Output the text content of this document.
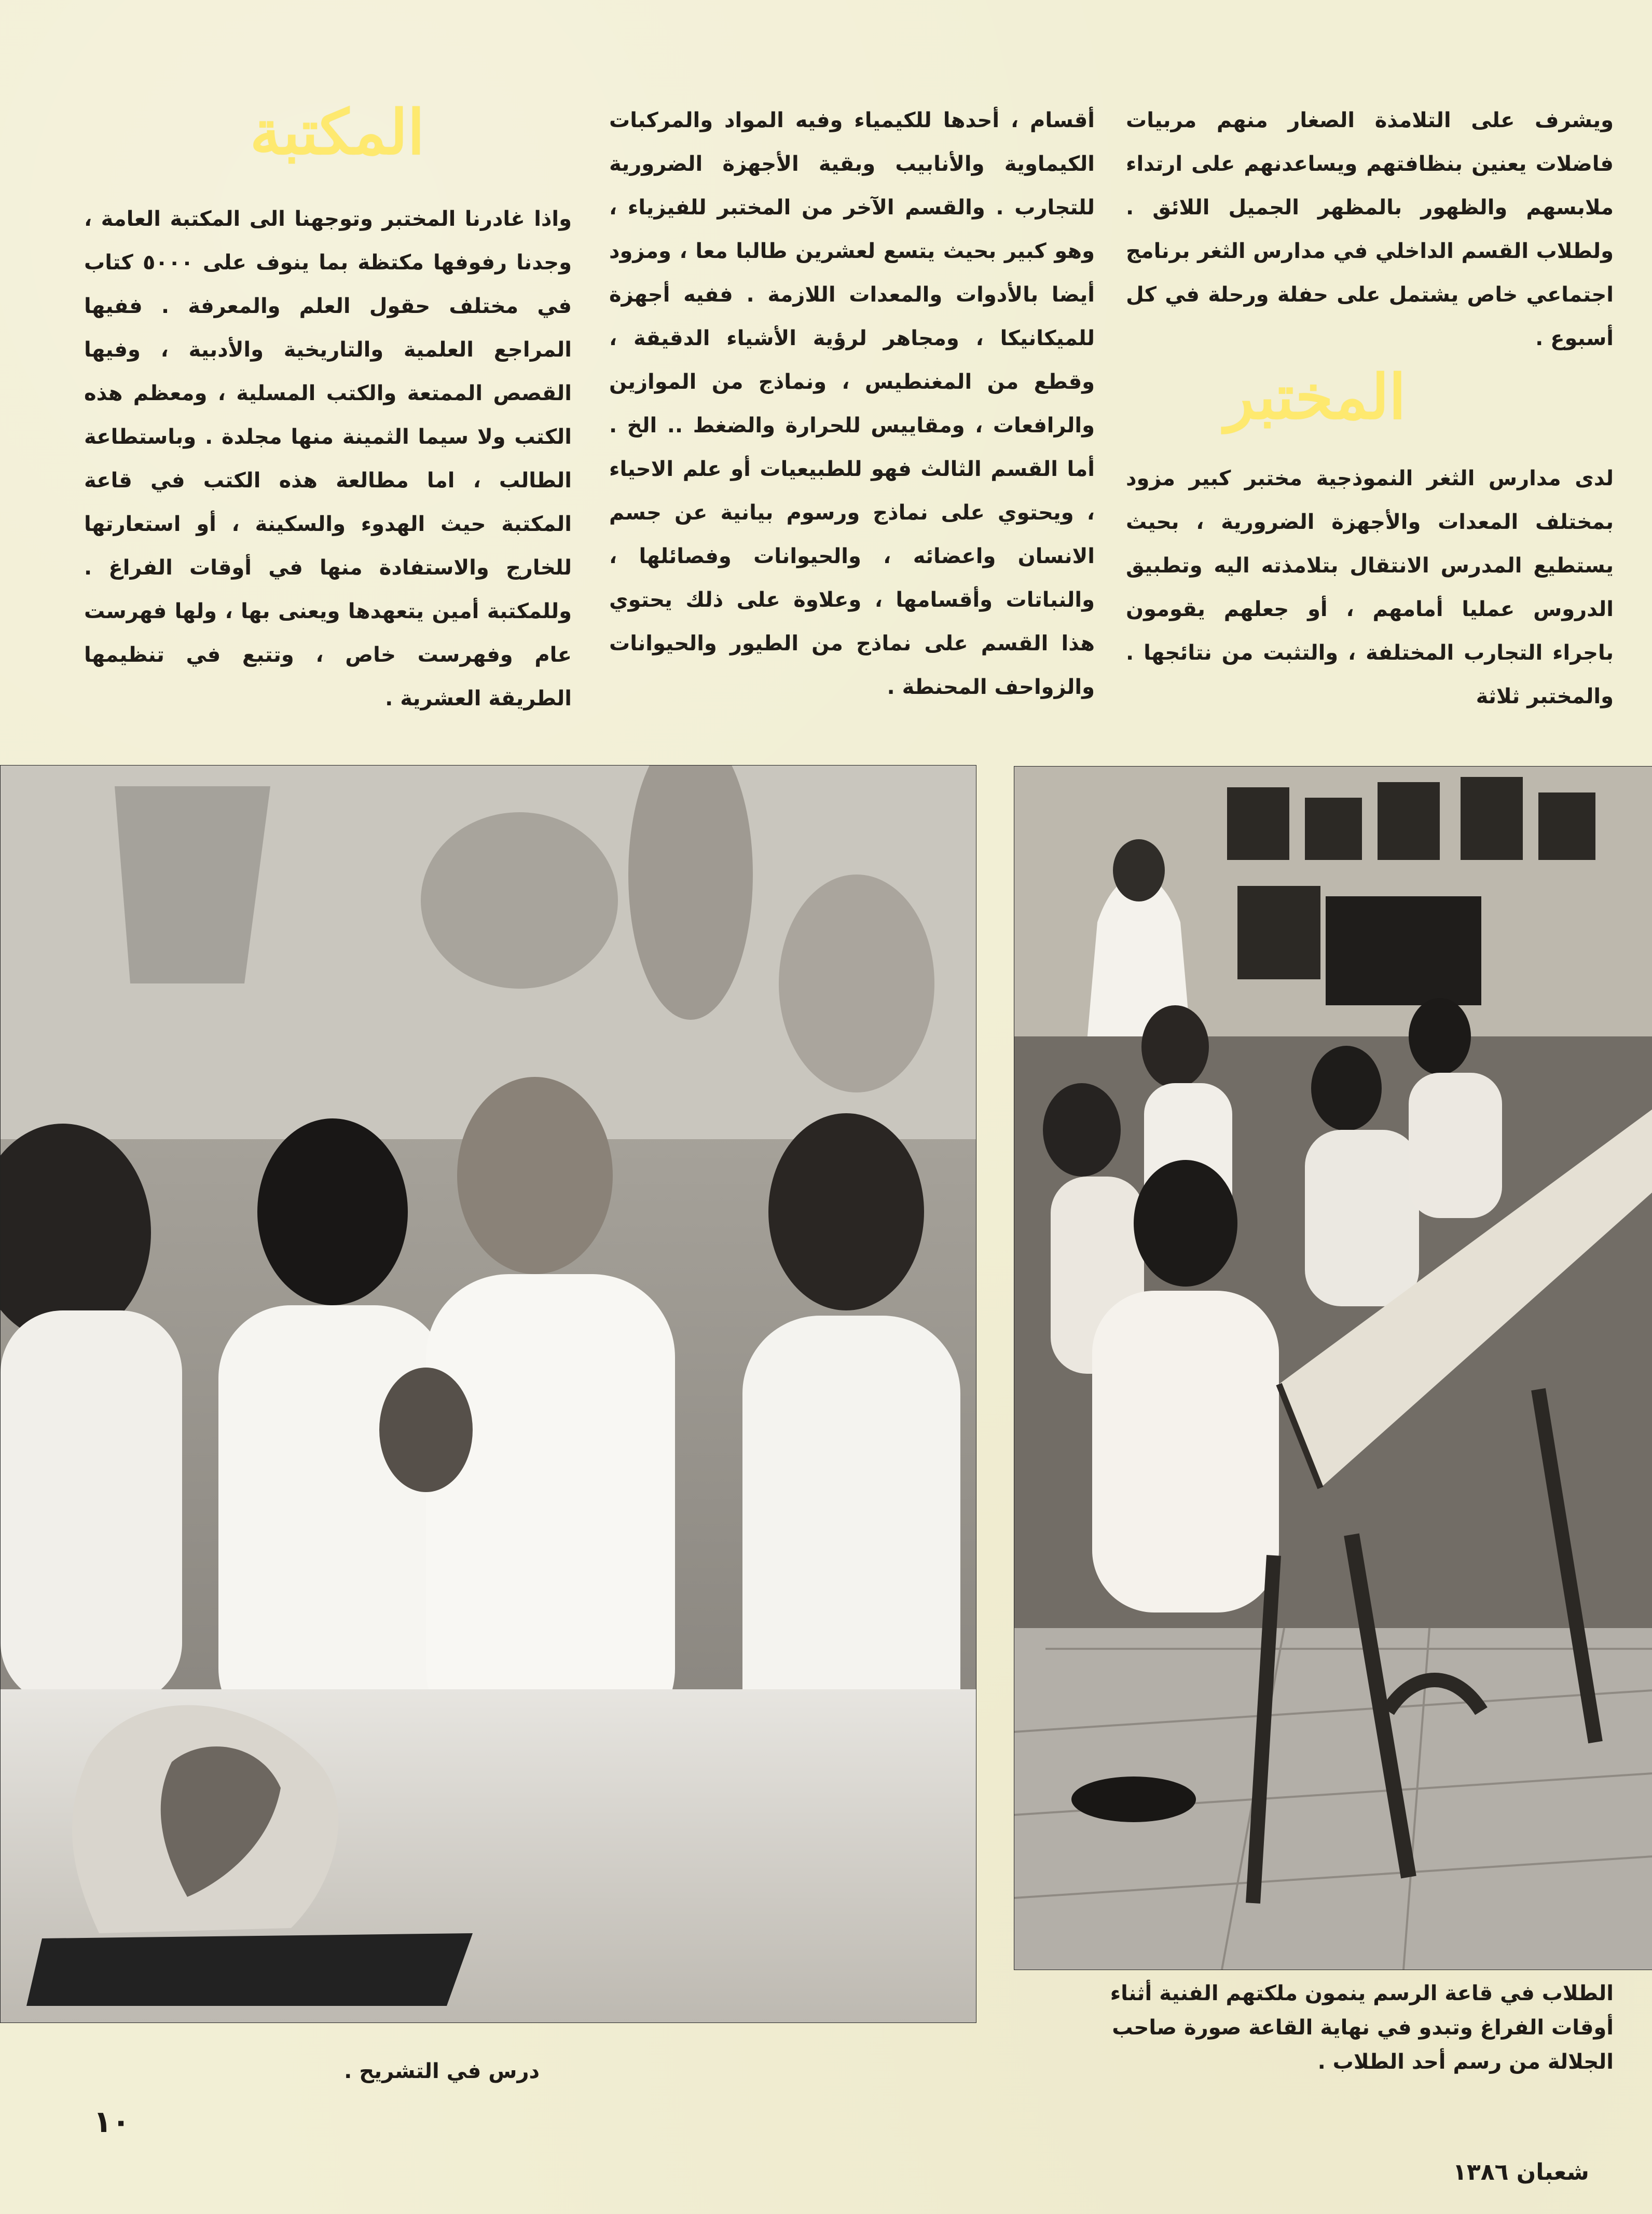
ويشرف على التلامذة الصغار منهم مربيات فاضلات يعنين بنظافتهم ويساعدنهم على ارتداء ملابسهم والظهور بالمظهر الجميل اللائق . ولطلاب القسم الداخلي في مدارس الثغر برنامج اجتماعي خاص يشتمل على حفلة ورحلة في كل أسبوع .

المختبر

لدى مدارس الثغر النموذجية مختبر كبير مزود بمختلف المعدات والأجهزة الضرورية ، بحيث يستطيع المدرس الانتقال بتلامذته اليه وتطبيق الدروس عمليا أمامهم ، أو جعلهم يقومون باجراء التجارب المختلفة ، والتثبت من نتائجها . والمختبر ثلاثة

أقسام ، أحدها للكيمياء وفيه المواد والمركبات الكيماوية والأنابيب وبقية الأجهزة الضرورية للتجارب . والقسم الآخر من المختبر للفيزياء ، وهو كبير بحيث يتسع لعشرين طالبا معا ، ومزود أيضا بالأدوات والمعدات اللازمة . ففيه أجهزة للميكانيكا ، ومجاهر لرؤية الأشياء الدقيقة ، وقطع من المغنطيس ، ونماذج من الموازين والرافعات ، ومقاييس للحرارة والضغط .. الخ . أما القسم الثالث فهو للطبيعيات أو علم الاحياء ، ويحتوي على نماذج ورسوم بيانية عن جسم الانسان واعضائه ، والحيوانات وفصائلها ، والنباتات وأقسامها ، وعلاوة على ذلك يحتوي هذا القسم على نماذج من الطيور والحيوانات والزواحف المحنطة .

المكتبة

واذا غادرنا المختبر وتوجهنا الى المكتبة العامة ، وجدنا رفوفها مكتظة بما ينوف على ٥٠٠٠ كتاب في مختلف حقول العلم والمعرفة . ففيها المراجع العلمية والتاريخية والأدبية ، وفيها القصص الممتعة والكتب المسلية ، ومعظم هذه الكتب ولا سيما الثمينة منها مجلدة . وباستطاعة الطالب ، اما مطالعة هذه الكتب في قاعة المكتبة حيث الهدوء والسكينة ، أو استعارتها للخارج والاستفادة منها في أوقات الفراغ . وللمكتبة أمين يتعهدها ويعنى بها ، ولها فهرست عام وفهرست خاص ، وتتبع في تنظيمها الطريقة العشرية .

الطلاب في قاعة الرسم ينمون ملكتهم الفنية أثناء أوقات الفراغ وتبدو في نهاية القاعة صورة صاحب الجلالة من رسم أحد الطلاب .
درس في التشريح .
١٠
شعبان ١٣٨٦
